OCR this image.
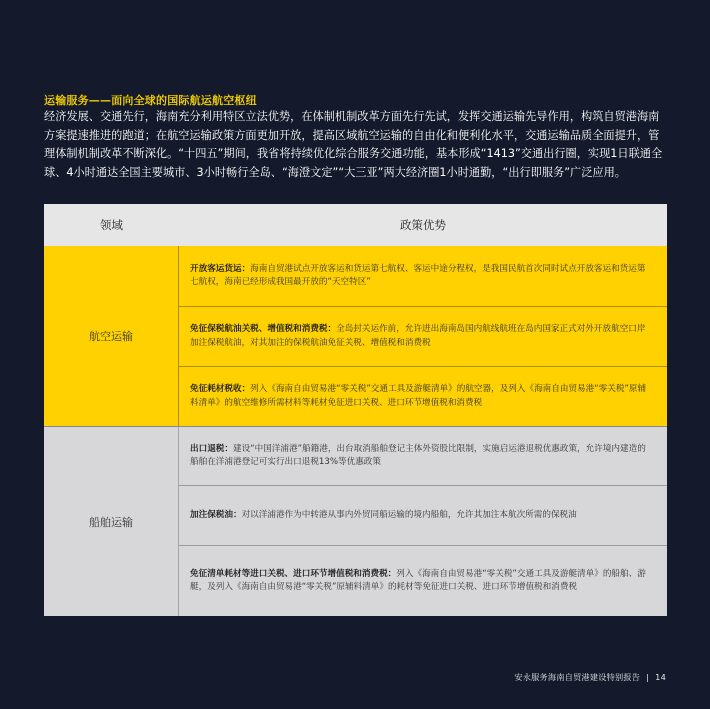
运输服务——面向全球的国际航运航空枢纽

经济发展、交通先行，海南充分利用特区立法优势，在体制机制改革方面先行先试，发挥交通运输先导作用，构筑自贸港海南方案提速推进的跑道；在航空运输政策方面更加开放，提高区域航空运输的自由化和便利化水平，交通运输品质全面提升，管理体制机制改革不断深化。“十四五”期间，我省将持续优化综合服务交通功能，基本形成“1413”交通出行圈，实现1日联通全球、4小时通达全国主要城市、3小时畅行全岛、“海澄文定”“大三亚”两大经济圈1小时通勤，“出行即服务”广泛应用。

领域	政策优势
航空运输
开放客运货运：海南自贸港试点开放客运和货运第七航权、客运中途分程权，是我国民航首次同时试点开放客运和货运第七航权，海南已经形成我国最开放的“天空特区”
免征保税航油关税、增值税和消费税：全岛封关运作前，允许进出海南岛国内航线航班在岛内国家正式对外开放航空口岸加注保税航油，对其加注的保税航油免征关税、增值税和消费税
免征耗材税收：列入《海南自由贸易港“零关税”交通工具及游艇清单》的航空器，及列入《海南自由贸易港“零关税”原辅料清单》的航空维修所需材料等耗材免征进口关税、进口环节增值税和消费税
船舶运输
出口退税：建设“中国洋浦港”船籍港，出台取消船舶登记主体外资股比限制，实施启运港退税优惠政策，允许境内建造的船舶在洋浦港登记可实行出口退税13%等优惠政策
加注保税油：对以洋浦港作为中转港从事内外贸同船运输的境内船舶，允许其加注本航次所需的保税油
免征清单耗材等进口关税、进口环节增值税和消费税：列入《海南自由贸易港“零关税”交通工具及游艇清单》的船舶、游艇，及列入《海南自由贸易港“零关税”原辅料清单》的耗材等免征进口关税、进口环节增值税和消费税
安永服务海南自贸港建设特别报告 | 14
